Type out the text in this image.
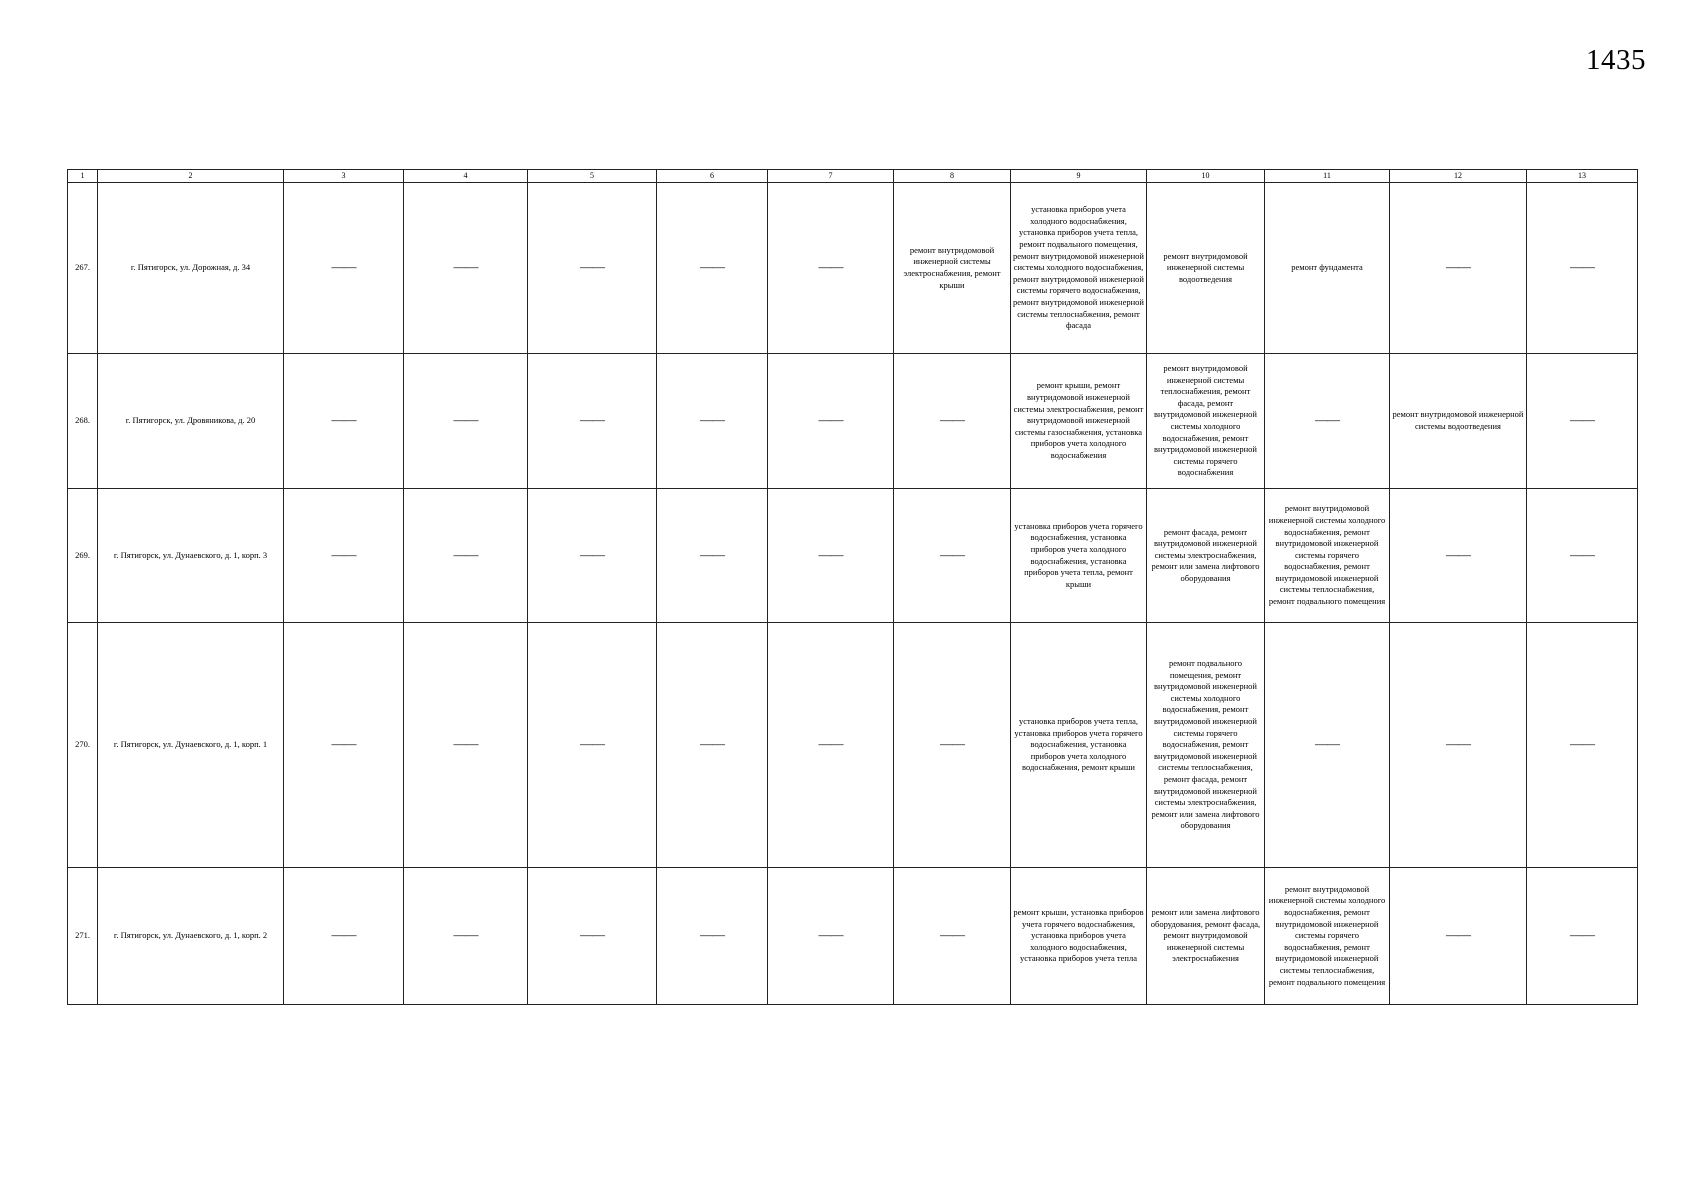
1435
1	2	3	4	5	6	7	8	9	10	11	12	13
267.	г. Пятигорск, ул. Дорожная, д. 34	——	——	——	——	——	ремонт внутридомовой инженерной системы электроснабжения, ремонт крыши	установка приборов учета холодного водоснабжения, установка приборов учета тепла, ремонт подвального помещения, ремонт внутридомовой инженерной системы холодного водоснабжения, ремонт внутридомовой инженерной системы горячего водоснабжения, ремонт внутридомовой инженерной системы теплоснабжения, ремонт фасада	ремонт внутридомовой инженерной системы водоотведения	ремонт фундамента	——	——
268.	г. Пятигорск, ул. Дровяникова, д. 20	——	——	——	——	——	——	ремонт крыши, ремонт внутридомовой инженерной системы электроснабжения, ремонт внутридомовой инженерной системы газоснабжения, установка приборов учета холодного водоснабжения	ремонт внутридомовой инженерной системы теплоснабжения, ремонт фасада, ремонт внутридомовой инженерной системы холодного водоснабжения, ремонт внутридомовой инженерной системы горячего водоснабжения	——	ремонт внутридомовой инженерной системы водоотведения	——
269.	г. Пятигорск, ул. Дунаевского, д. 1, корп. 3	——	——	——	——	——	——	установка приборов учета горячего водоснабжения, установка приборов учета холодного водоснабжения, установка приборов учета тепла, ремонт крыши	ремонт фасада, ремонт внутридомовой инженерной системы электроснабжения, ремонт или замена лифтового оборудования	ремонт внутридомовой инженерной системы холодного водоснабжения, ремонт внутридомовой инженерной системы горячего водоснабжения, ремонт внутридомовой инженерной системы теплоснабжения, ремонт подвального помещения	——	——
270.	г. Пятигорск, ул. Дунаевского, д. 1, корп. 1	——	——	——	——	——	——	установка приборов учета тепла, установка приборов учета горячего водоснабжения, установка приборов учета холодного водоснабжения, ремонт крыши	ремонт подвального помещения, ремонт внутридомовой инженерной системы холодного водоснабжения, ремонт внутридомовой инженерной системы горячего водоснабжения, ремонт внутридомовой инженерной системы теплоснабжения, ремонт фасада, ремонт внутридомовой инженерной системы электроснабжения, ремонт или замена лифтового оборудования	——	——	——
271.	г. Пятигорск, ул. Дунаевского, д. 1, корп. 2	——	——	——	——	——	——	ремонт крыши, установка приборов учета горячего водоснабжения, установка приборов учета холодного водоснабжения, установка приборов учета тепла	ремонт или замена лифтового оборудования, ремонт фасада, ремонт внутридомовой инженерной системы электроснабжения	ремонт внутридомовой инженерной системы холодного водоснабжения, ремонт внутридомовой инженерной системы горячего водоснабжения, ремонт внутридомовой инженерной системы теплоснабжения, ремонт подвального помещения	——	——
